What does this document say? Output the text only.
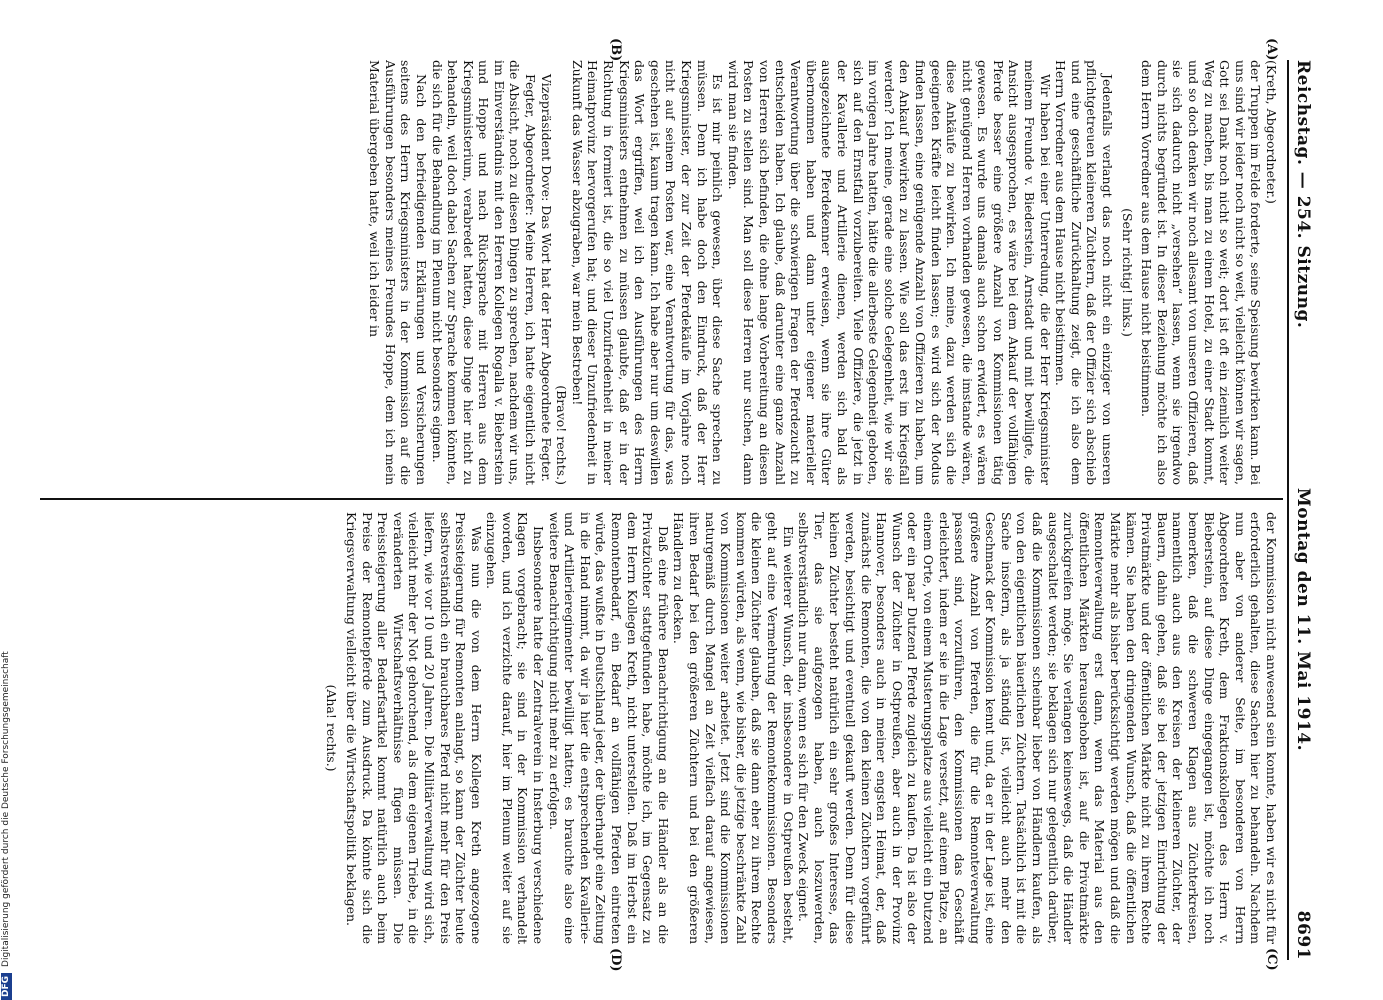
Reichstag. — 254. Sitzung.
Montag den 11. Mai 1914.
8691
(A)
(B)
(C)
(D)

(Kreth, Abgeordneter.)

der Truppen im Felde forderte, seine Speisung bewirken kann. Bei uns sind wir leider noch nicht so weit, vielleicht können wir sagen, Gott sei Dank noch nicht so weit; dort ist oft ein ziemlich weiter Weg zu machen, bis man zu einem Hotel, zu einer Stadt kommt, und so doch denken wir noch allesamt von unseren Offizieren, daß sie sich dadurch nicht „versehen“ lassen, wenn sie irgendwo durch nichts begründet ist. In dieser Beziehung möchte ich also dem Herrn Vorredner aus dem Hause nicht beistimmen.

(Sehr richtig! links.)

Jedenfalls verlangt das noch nicht ein einziger von unseren pflichtgetreuen kleineren Züchtern, daß der Offizier sich abschieb und eine geschäftliche Zurückhaltung zeigt, die ich also dem Herrn Vorredner aus dem Hause nicht beistimmen.

Wir haben bei einer Unterredung, die der Herr Kriegsminister meinem Freunde v. Biederstein, Arnstadt und mit bewilligte, die Ansicht ausgesprochen, es wäre bei dem Ankauf der vollfähigen Pferde besser eine größere Anzahl von Kommissionen tätig gewesen. Es wurde uns damals auch schon erwidert, es wären nicht genügend Herren vorhanden gewesen, die imstande wären, diese Ankäufe zu bewirken. Ich meine, dazu werden sich die geeigneten Kräfte leicht finden lassen; es wird sich der Modus finden lassen, eine genügende Anzahl von Offizieren zu haben, um den Ankauf bewirken zu lassen. Wie soll das erst im Kriegsfall werden? Ich meine, gerade eine solche Gelegenheit, wie wir sie im vorigen Jahre hatten, hätte die allerbeste Gelegenheit geboten, sich auf den Ernstfall vorzubereiten. Viele Offiziere, die jetzt in der Kavallerie und Artillerie dienen, werden sich bald als ausgezeichnete Pferdekenner erweisen, wenn sie ihre Güter übernommen haben und dann unter eigener materieller Verantwortung über die schwierigen Fragen der Pferdezucht zu entscheiden haben. Ich glaube, daß darunter eine ganze Anzahl von Herren sich befinden, die ohne lange Vorbereitung an diesen Posten zu stellen sind. Man soll diese Herren nur suchen, dann wird man sie finden.

Es ist mir peinlich gewesen, über diese Sache sprechen zu müssen. Denn ich habe doch den Eindruck, daß der Herr Kriegsminister, der zur Zeit der Pferdekäufe im Vorjahre noch nicht auf seinem Posten war, eine Verantwortung für das, was geschehen ist, kaum tragen kann. Ich habe aber nur um deswillen das Wort ergriffen, weil ich den Ausführungen des Herrn Kriegsministers entnehmen zu müssen glaubte, daß er in der Richtung in formiert ist, die so viel Unzufriedenheit in meiner Heimatprovinz hervorgerufen hat; und dieser Unzufriedenheit in Zukunft das Wasser abzugraben, war mein Bestreben!

(Bravo! rechts.)

Vizepräsident Dove: Das Wort hat der Herr Abgeordnete Fegter.

Fegter, Abgeordneter: Meine Herren, ich hatte eigentlich nicht die Absicht, noch zu diesen Dingen zu sprechen, nachdem wir uns, im Einverständnis mit den Herren Kollegen Rogalla v. Bieberstein und Hoppe und nach Rücksprache mit Herren aus dem Kriegsministerium, verabredet hatten, diese Dinge hier nicht zu behandeln, weil doch dabei Sachen zur Sprache kommen könnten, die sich für die Behandlung im Plenum nicht besonders eignen.

Nach den befriedigenden Erklärungen und Versicherungen seitens des Herrn Kriegsministers in der Kommission auf die Ausführungen besonders meines Freundes Hoppe, dem ich mein Material übergeben hatte, weil ich leider in

der Kommission nicht anwesend sein konnte, haben wir es nicht für erforderlich gehalten, diese Sachen hier zu behandeln. Nachdem nun aber von anderer Seite, im besonderen von Herrn Abgeordneten Kreth, dem Fraktionskollegen des Herrn v. Bieberstein, auf diese Dinge eingegangen ist, möchte ich noch bemerken, daß die schweren Klagen aus Züchterkreisen, namentlich auch aus den Kreisen der kleineren Züchter, der Bauern, dahin gehen, daß sie bei der jetzigen Einrichtung der Privatmärkte und der öffentlichen Märkte nicht zu ihrem Rechte kämen. Sie haben den dringenden Wunsch, daß die öffentlichen Märkte mehr als bisher berücksichtigt werden mögen und daß die Remonteverwaltung erst dann, wenn das Material aus den öffentlichen Märkten herausgehoben ist, auf die Privatmärkte zurückgreifen möge. Sie verlangen keineswegs, daß die Händler ausgeschaltet werden; sie beklagen sich nur gelegentlich darüber, daß die Kommissionen scheinbar lieber von Händlern kaufen, als von den eigentlichen bäuerlichen Züchtern. Tatsächlich ist mit die Sache insofern, als ja ständig ist, vielleicht auch mehr den Geschmack der Kommission kennt und, da er in der Lage ist, eine größere Anzahl von Pferden, die für die Remonteverwaltung passend sind, vorzuführen, den Kommissionen das Geschäft erleichtert, indem er sie in die Lage versetzt, auf einem Platze, an einem Orte, von einem Musterungsplatze aus vielleicht ein Dutzend oder ein paar Dutzend Pferde zugleich zu kaufen. Da ist also der Wunsch der Züchter in Ostpreußen, aber auch in der Provinz Hannover, besonders auch in meiner engsten Heimat, der, daß zunächst die Remonten, die von den kleinen Züchtern vorgeführt werden, besichtigt und eventuell gekauft werden. Denn für diese kleinen Züchter besteht natürlich ein sehr großes Interesse, das Tier, das sie aufgezogen haben, auch loszuwerden, selbstverständlich nur dann, wenn es sich für den Zweck eignet.

Ein weiterer Wunsch, der insbesondere in Ostpreußen besteht, geht auf eine Vermehrung der Remontekommissionen. Besonders die kleinen Züchter glauben, daß sie dann eher zu ihrem Rechte kommen würden, als wenn, wie bisher, die jetzige beschränkte Zahl von Kommissionen weiter arbeitet. Jetzt sind die Kommissionen naturgemäß durch Mangel an Zeit vielfach darauf angewiesen, ihren Bedarf bei den größeren Züchtern und bei den größeren Händlern zu decken.

Daß eine frühere Benachrichtigung an die Händler als an die Privatzüchter stattgefunden habe, möchte ich, im Gegensatz zu dem Herrn Kollegen Kreth, nicht unterstellen. Daß im Herbst ein Remontenbedarf, ein Bedarf an vollfähigen Pferden eintreten würde, das wußte in Deutschland jeder, der überhaupt eine Zeitung in die Hand nimmt, da wir ja hier die entsprechenden Kavallerie- und Artillerieregimenter bewilligt hatten; es brauchte also eine weitere Benachrichtigung nicht mehr zu erfolgen.

Insbesondere hatte der Zentralverein in Insterburg verschiedene Klagen vorgebracht; sie sind in der Kommission verhandelt worden, und ich verzichte darauf, hier im Plenum weiter auf sie einzugehen.

Was nun die von dem Herrn Kollegen Kreth angezogene Preissteigerung für Remonten anlangt, so kann der Züchter heute selbstverständlich ein brauchbares Pferd nicht mehr für den Preis liefern, wie vor 10 und 20 Jahren. Die Militärverwaltung wird sich, vielleicht mehr der Not gehorchend, als dem eigenen Triebe, in die veränderten Wirtschaftsverhältnisse fügen müssen. Die Preissteigerung aller Bedarfsartikel kommt natürlich auch beim Preise der Remontepferde zum Ausdruck. Da könnte sich die Kriegsverwaltung vielleicht über die Wirtschaftspolitik beklagen.

(Aha! rechts.)

DFG
Digitalisierung gefördert durch die Deutsche Forschungsgemeinschaft
